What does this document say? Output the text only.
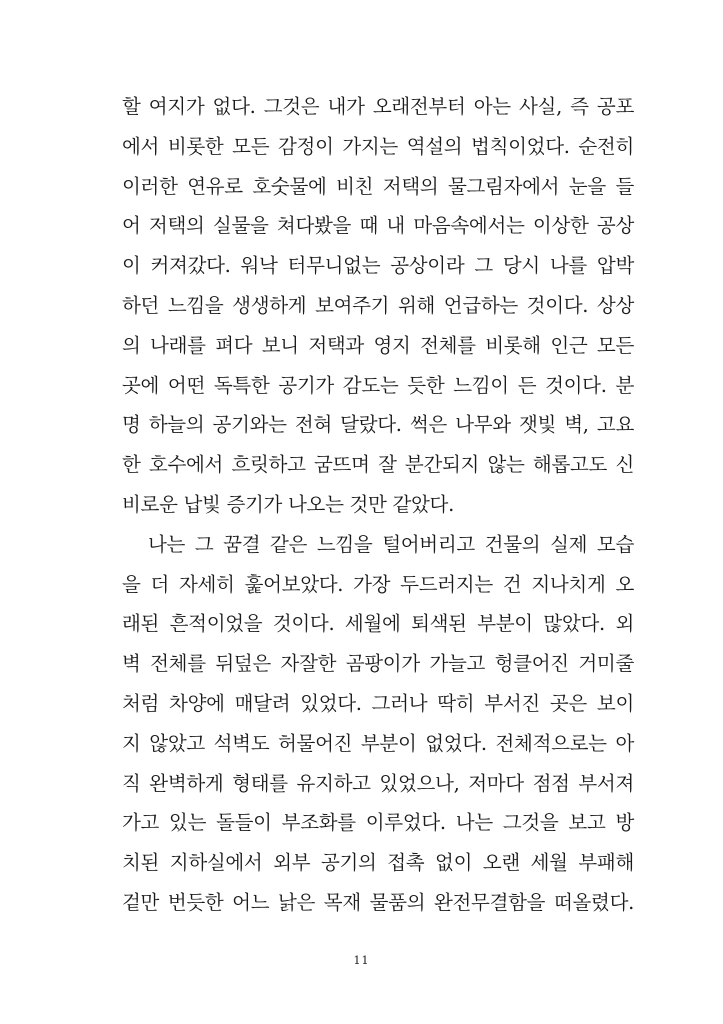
할 여지가 없다. 그것은 내가 오래전부터 아는 사실, 즉 공포
에서 비롯한 모든 감정이 가지는 역설의 법칙이었다. 순전히
이러한 연유로 호숫물에 비친 저택의 물그림자에서 눈을 들
어 저택의 실물을 쳐다봤을 때 내 마음속에서는 이상한 공상
이 커져갔다. 워낙 터무니없는 공상이라 그 당시 나를 압박
하던 느낌을 생생하게 보여주기 위해 언급하는 것이다. 상상
의 나래를 펴다 보니 저택과 영지 전체를 비롯해 인근 모든
곳에 어떤 독특한 공기가 감도는 듯한 느낌이 든 것이다. 분
명 하늘의 공기와는 전혀 달랐다. 썩은 나무와 잿빛 벽, 고요
한 호수에서 흐릿하고 굼뜨며 잘 분간되지 않는 해롭고도 신
비로운 납빛 증기가 나오는 것만 같았다.
나는 그 꿈결 같은 느낌을 털어버리고 건물의 실제 모습
을 더 자세히 훑어보았다. 가장 두드러지는 건 지나치게 오
래된 흔적이었을 것이다. 세월에 퇴색된 부분이 많았다. 외
벽 전체를 뒤덮은 자잘한 곰팡이가 가늘고 헝클어진 거미줄
처럼 차양에 매달려 있었다. 그러나 딱히 부서진 곳은 보이
지 않았고 석벽도 허물어진 부분이 없었다. 전체적으로는 아
직 완벽하게 형태를 유지하고 있었으나, 저마다 점점 부서져
가고 있는 돌들이 부조화를 이루었다. 나는 그것을 보고 방
치된 지하실에서 외부 공기의 접촉 없이 오랜 세월 부패해
겉만 번듯한 어느 낡은 목재 물품의 완전무결함을 떠올렸다.
11
